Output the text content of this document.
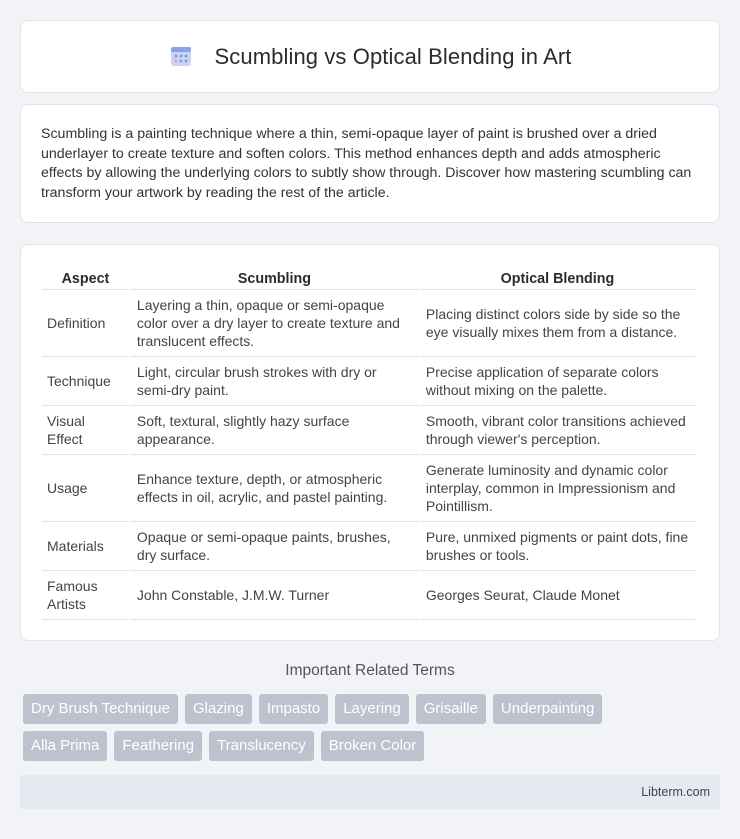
Scumbling vs Optical Blending in Art

Scumbling is a painting technique where a thin, semi-opaque layer of paint is brushed over a dried underlayer to create texture and soften colors. This method enhances depth and adds atmospheric effects by allowing the underlying colors to subtly show through. Discover how mastering scumbling can transform your artwork by reading the rest of the article.

Aspect	Scumbling	Optical Blending
Definition	Layering a thin, opaque or semi-opaque color over a dry layer to create texture and translucent effects.	Placing distinct colors side by side so the eye visually mixes them from a distance.
Technique	Light, circular brush strokes with dry or semi-dry paint.	Precise application of separate colors without mixing on the palette.
Visual Effect	Soft, textural, slightly hazy surface appearance.	Smooth, vibrant color transitions achieved through viewer's perception.
Usage	Enhance texture, depth, or atmospheric effects in oil, acrylic, and pastel painting.	Generate luminosity and dynamic color interplay, common in Impressionism and Pointillism.
Materials	Opaque or semi-opaque paints, brushes, dry surface.	Pure, unmixed pigments or paint dots, fine brushes or tools.
Famous Artists	John Constable, J.M.W. Turner	Georges Seurat, Claude Monet
Important Related Terms
Dry Brush Technique	Glazing	Impasto	Layering	Grisaille	Underpainting
Alla Prima	Feathering	Translucency	Broken Color
Libterm.com
